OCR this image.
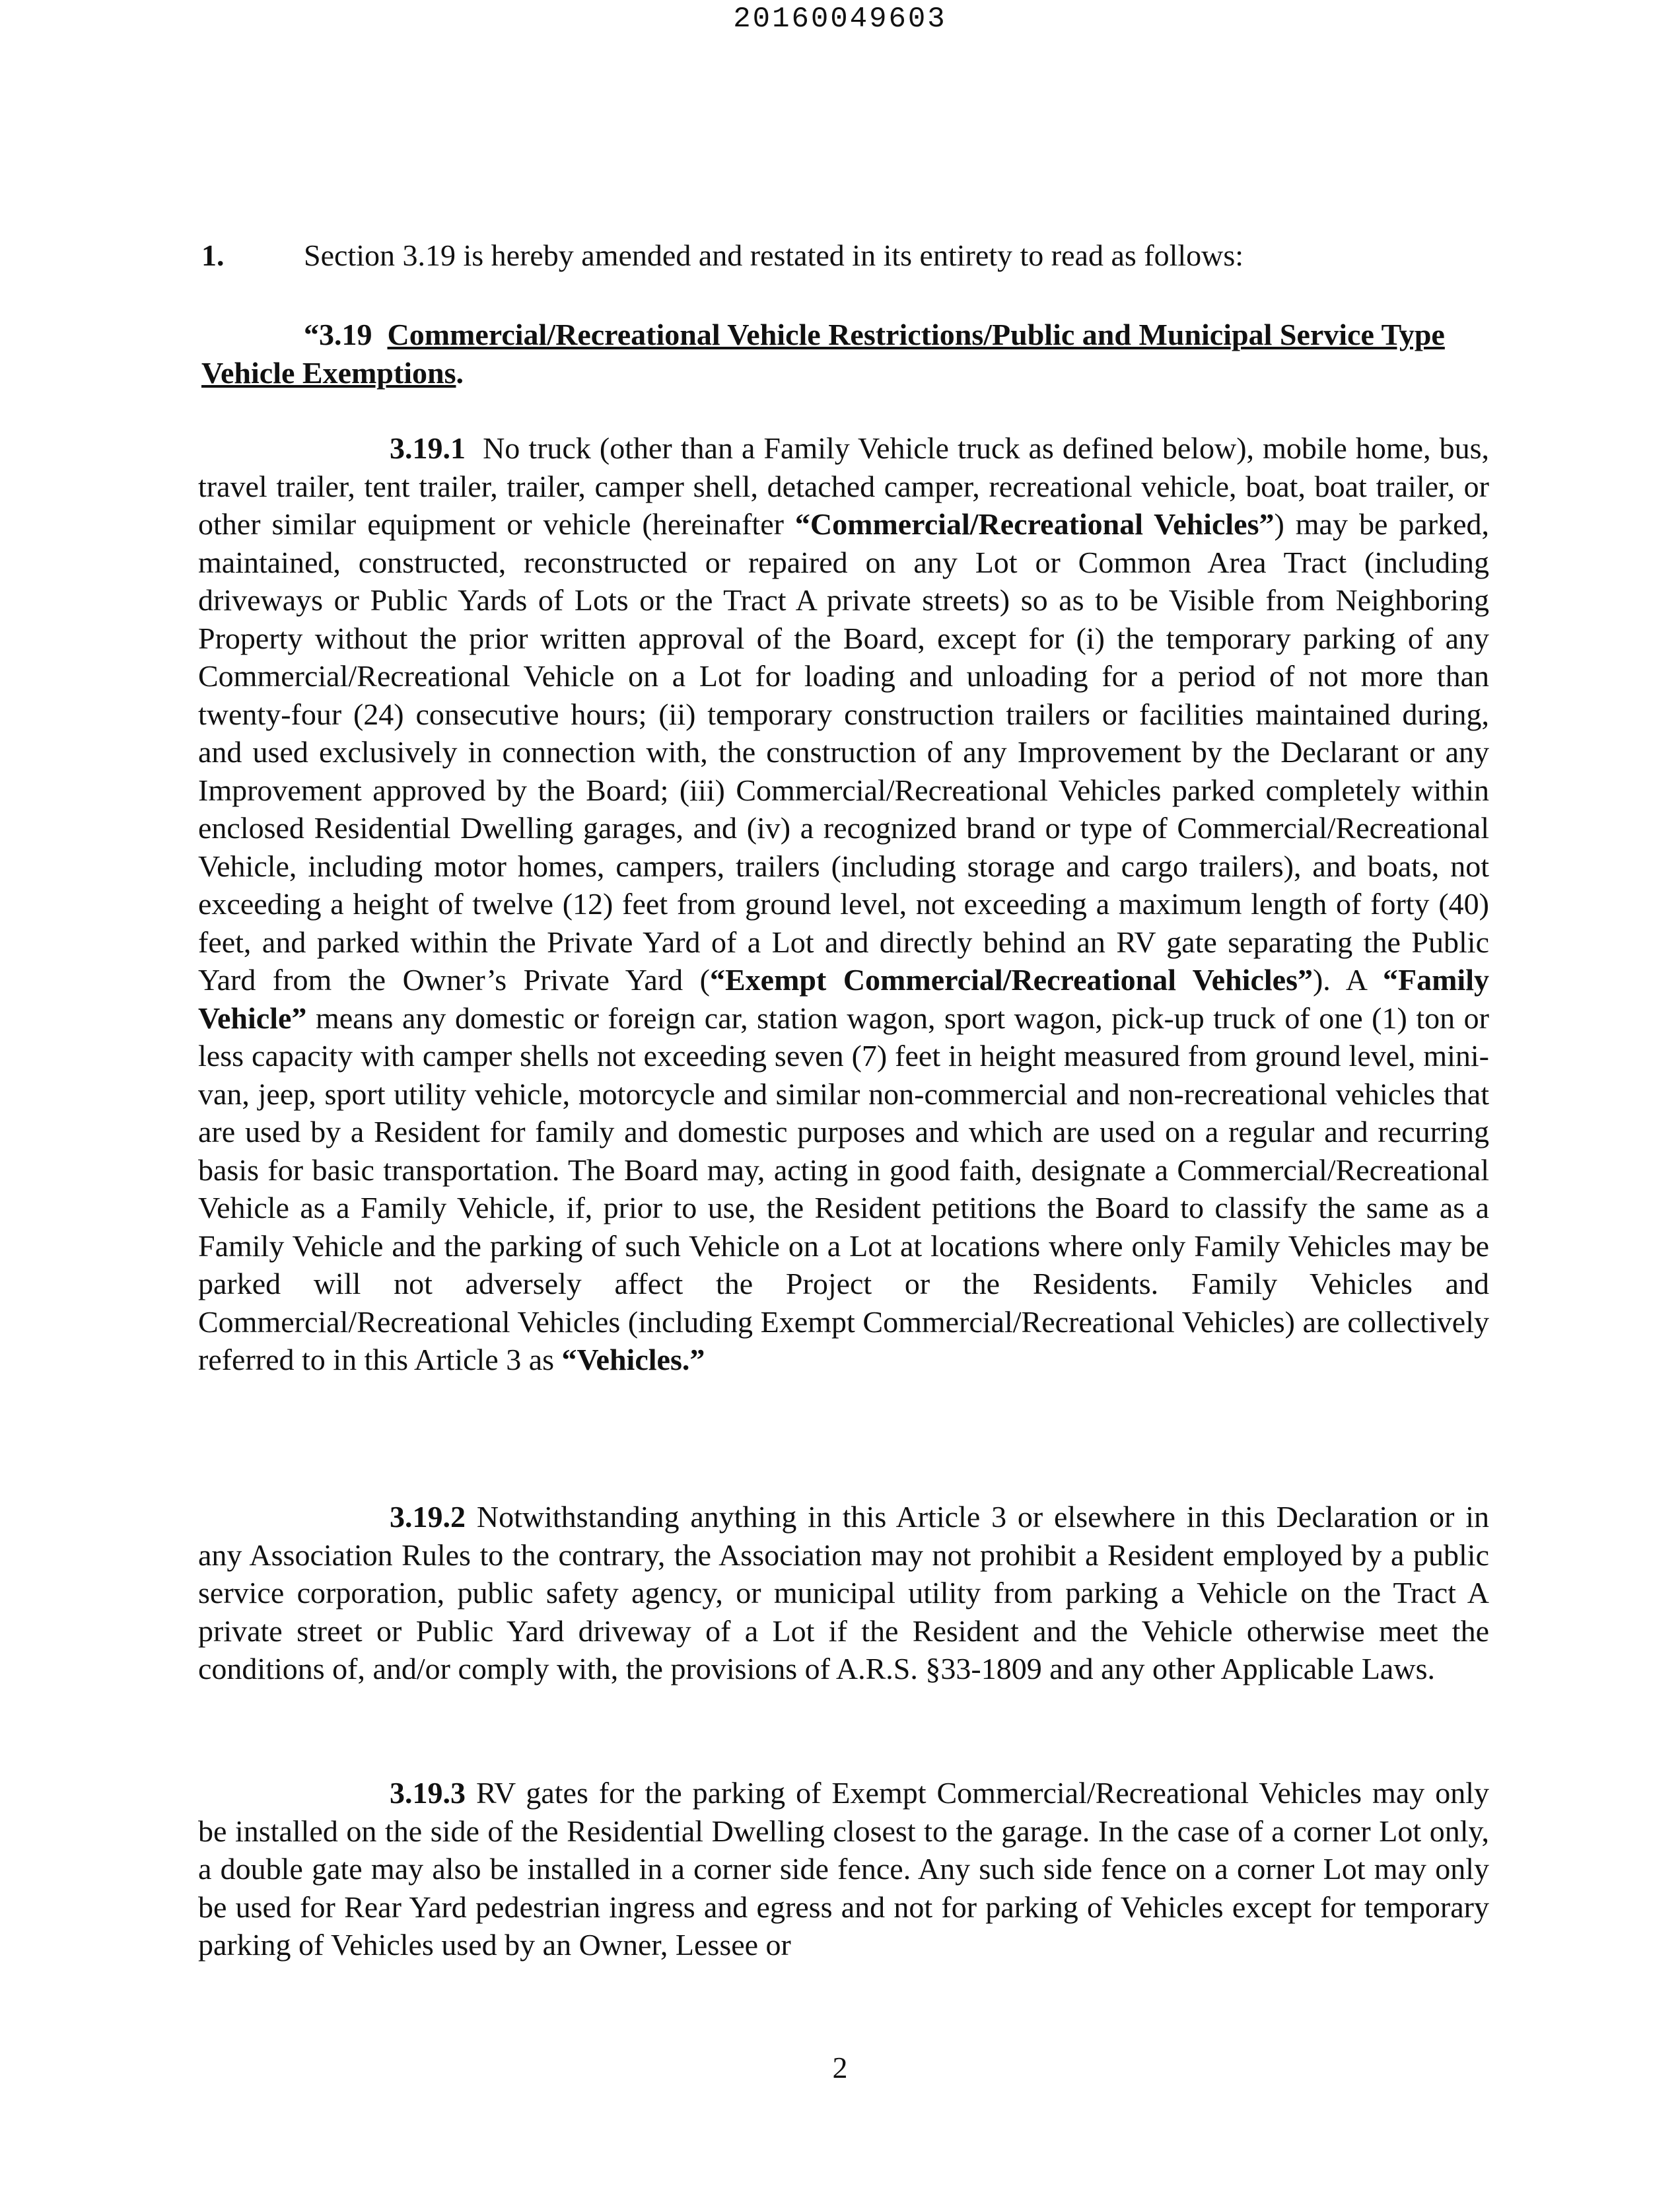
20160049603
1.	Section 3.19 is hereby amended and restated in its entirety to read as follows:
“3.19 Commercial/Recreational Vehicle Restrictions/Public and Municipal Service Type Vehicle Exemptions.
3.19.1 No truck (other than a Family Vehicle truck as defined below), mobile home, bus, travel trailer, tent trailer, trailer, camper shell, detached camper, recreational vehicle, boat, boat trailer, or other similar equipment or vehicle (hereinafter “Commercial/Recreational Vehicles”) may be parked, maintained, constructed, reconstructed or repaired on any Lot or Common Area Tract (including driveways or Public Yards of Lots or the Tract A private streets) so as to be Visible from Neighboring Property without the prior written approval of the Board, except for (i) the temporary parking of any Commercial/Recreational Vehicle on a Lot for loading and unloading for a period of not more than twenty-four (24) consecutive hours; (ii) temporary construction trailers or facilities maintained during, and used exclusively in connection with, the construction of any Improvement by the Declarant or any Improvement approved by the Board; (iii) Commercial/Recreational Vehicles parked completely within enclosed Residential Dwelling garages, and (iv) a recognized brand or type of Commercial/Recreational Vehicle, including motor homes, campers, trailers (including storage and cargo trailers), and boats, not exceeding a height of twelve (12) feet from ground level, not exceeding a maximum length of forty (40) feet, and parked within the Private Yard of a Lot and directly behind an RV gate separating the Public Yard from the Owner’s Private Yard (“Exempt Commercial/Recreational Vehicles”). A “Family Vehicle” means any domestic or foreign car, station wagon, sport wagon, pick-up truck of one (1) ton or less capacity with camper shells not exceeding seven (7) feet in height measured from ground level, mini-van, jeep, sport utility vehicle, motorcycle and similar non-commercial and non-recreational vehicles that are used by a Resident for family and domestic purposes and which are used on a regular and recurring basis for basic transportation. The Board may, acting in good faith, designate a Commercial/Recreational Vehicle as a Family Vehicle, if, prior to use, the Resident petitions the Board to classify the same as a Family Vehicle and the parking of such Vehicle on a Lot at locations where only Family Vehicles may be parked will not adversely affect the Project or the Residents. Family Vehicles and Commercial/Recreational Vehicles (including Exempt Commercial/Recreational Vehicles) are collectively referred to in this Article 3 as “Vehicles.”
3.19.2 Notwithstanding anything in this Article 3 or elsewhere in this Declaration or in any Association Rules to the contrary, the Association may not prohibit a Resident employed by a public service corporation, public safety agency, or municipal utility from parking a Vehicle on the Tract A private street or Public Yard driveway of a Lot if the Resident and the Vehicle otherwise meet the conditions of, and/or comply with, the provisions of A.R.S. §33-1809 and any other Applicable Laws.
3.19.3 RV gates for the parking of Exempt Commercial/Recreational Vehicles may only be installed on the side of the Residential Dwelling closest to the garage. In the case of a corner Lot only, a double gate may also be installed in a corner side fence. Any such side fence on a corner Lot may only be used for Rear Yard pedestrian ingress and egress and not for parking of Vehicles except for temporary parking of Vehicles used by an Owner, Lessee or
2
